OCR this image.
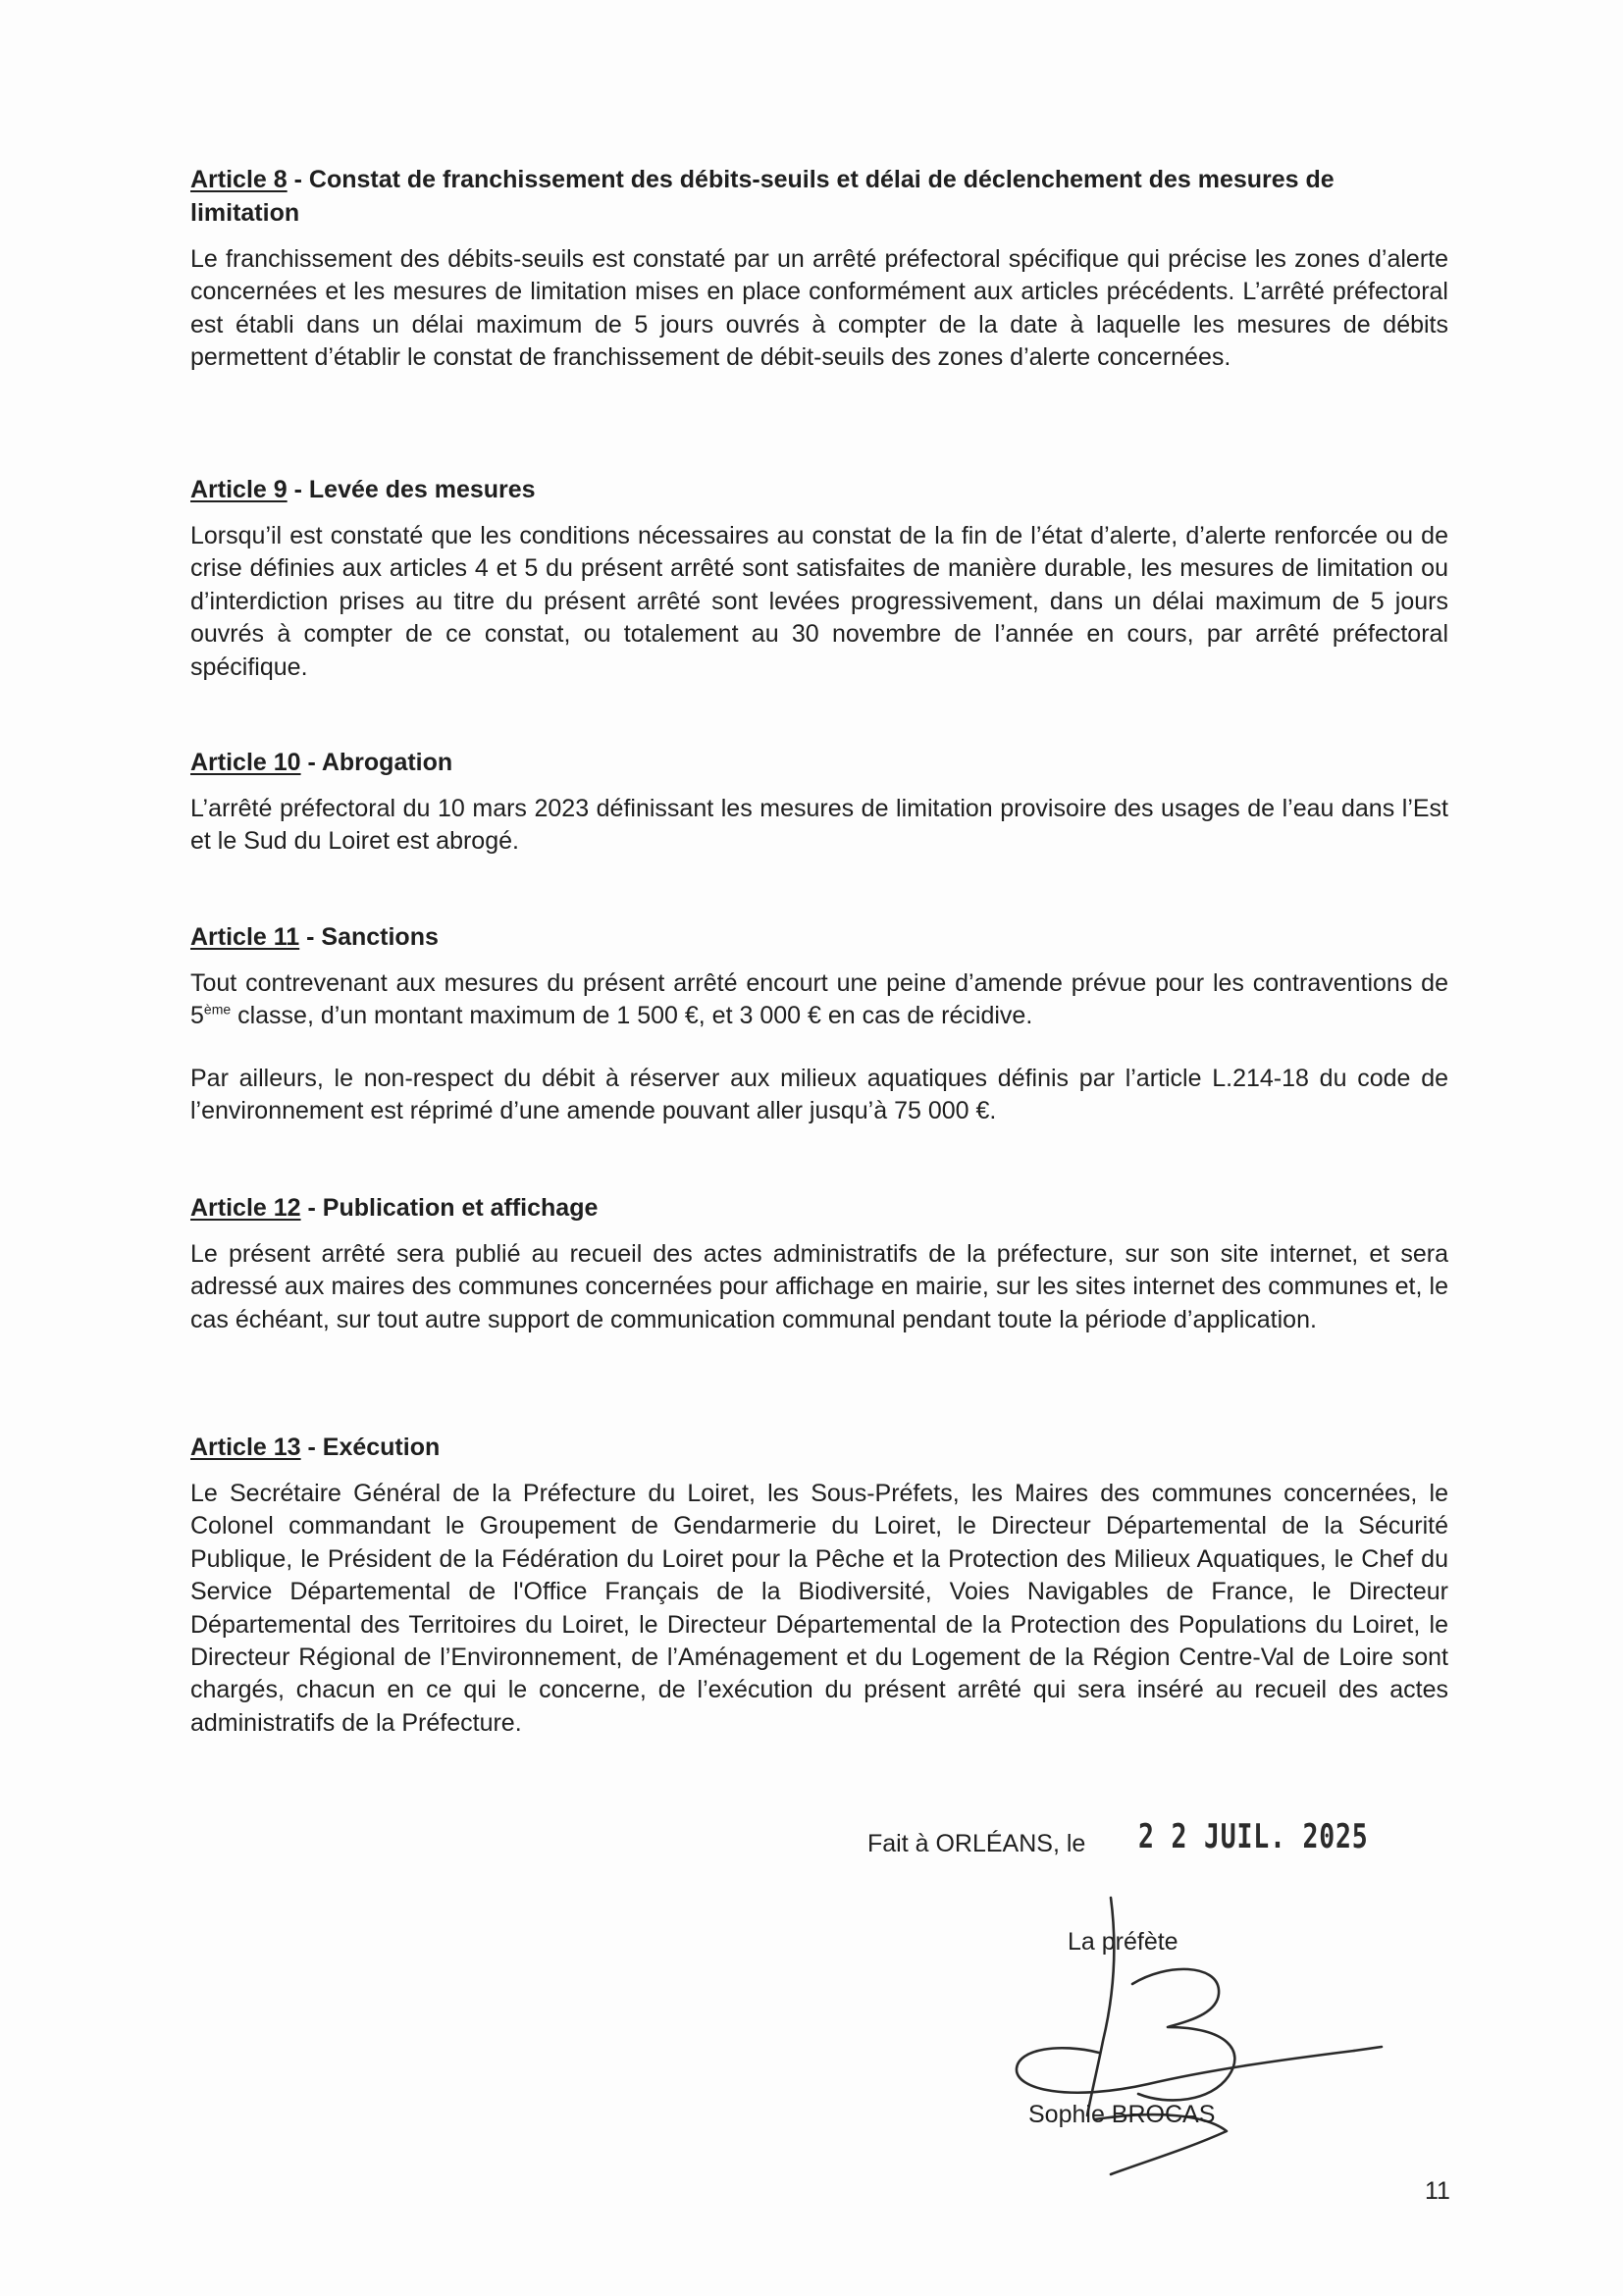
Article 8 - Constat de franchissement des débits-seuils et délai de déclenchement des mesures de limitation

Le franchissement des débits-seuils est constaté par un arrêté préfectoral spécifique qui précise les zones d’alerte concernées et les mesures de limitation mises en place conformément aux articles précédents. L’arrêté préfectoral est établi dans un délai maximum de 5 jours ouvrés à compter de la date à laquelle les mesures de débits permettent d’établir le constat de franchissement de débit-seuils des zones d’alerte concernées.

Article 9 - Levée des mesures

Lorsqu’il est constaté que les conditions nécessaires au constat de la fin de l’état d’alerte, d’alerte renforcée ou de crise définies aux articles 4 et 5 du présent arrêté sont satisfaites de manière durable, les mesures de limitation ou d’interdiction prises au titre du présent arrêté sont levées progressivement, dans un délai maximum de 5 jours ouvrés à compter de ce constat, ou totalement au 30 novembre de l’année en cours, par arrêté préfectoral spécifique.

Article 10 - Abrogation

L’arrêté préfectoral du 10 mars 2023 définissant les mesures de limitation provisoire des usages de l’eau dans l’Est et le Sud du Loiret est abrogé.

Article 11 - Sanctions

Tout contrevenant aux mesures du présent arrêté encourt une peine d’amende prévue pour les contraventions de 5ème classe, d’un montant maximum de 1 500 €, et 3 000 € en cas de récidive.

Par ailleurs, le non-respect du débit à réserver aux milieux aquatiques définis par l’article L.214-18 du code de l’environnement est réprimé d’une amende pouvant aller jusqu’à 75 000 €.

Article 12 - Publication et affichage

Le présent arrêté sera publié au recueil des actes administratifs de la préfecture, sur son site internet, et sera adressé aux maires des communes concernées pour affichage en mairie, sur les sites internet des communes et, le cas échéant, sur tout autre support de communication communal pendant toute la période d’application.

Article 13 - Exécution

Le Secrétaire Général de la Préfecture du Loiret, les Sous-Préfets, les Maires des communes concernées, le Colonel commandant le Groupement de Gendarmerie du Loiret, le Directeur Départemental de la Sécurité Publique, le Président de la Fédération du Loiret pour la Pêche et la Protection des Milieux Aquatiques, le Chef du Service Départemental de l'Office Français de la Biodiversité, Voies Navigables de France, le Directeur Départemental des Territoires du Loiret, le Directeur Départemental de la Protection des Populations du Loiret, le Directeur Régional de l’Environnement, de l’Aménagement et du Logement de la Région Centre-Val de Loire sont chargés, chacun en ce qui le concerne, de l’exécution du présent arrêté qui sera inséré au recueil des actes administratifs de la Préfecture.

Fait à ORLÉANS, le 2 2 JUIL. 2025
La préfète
Sophie BROCAS
11
